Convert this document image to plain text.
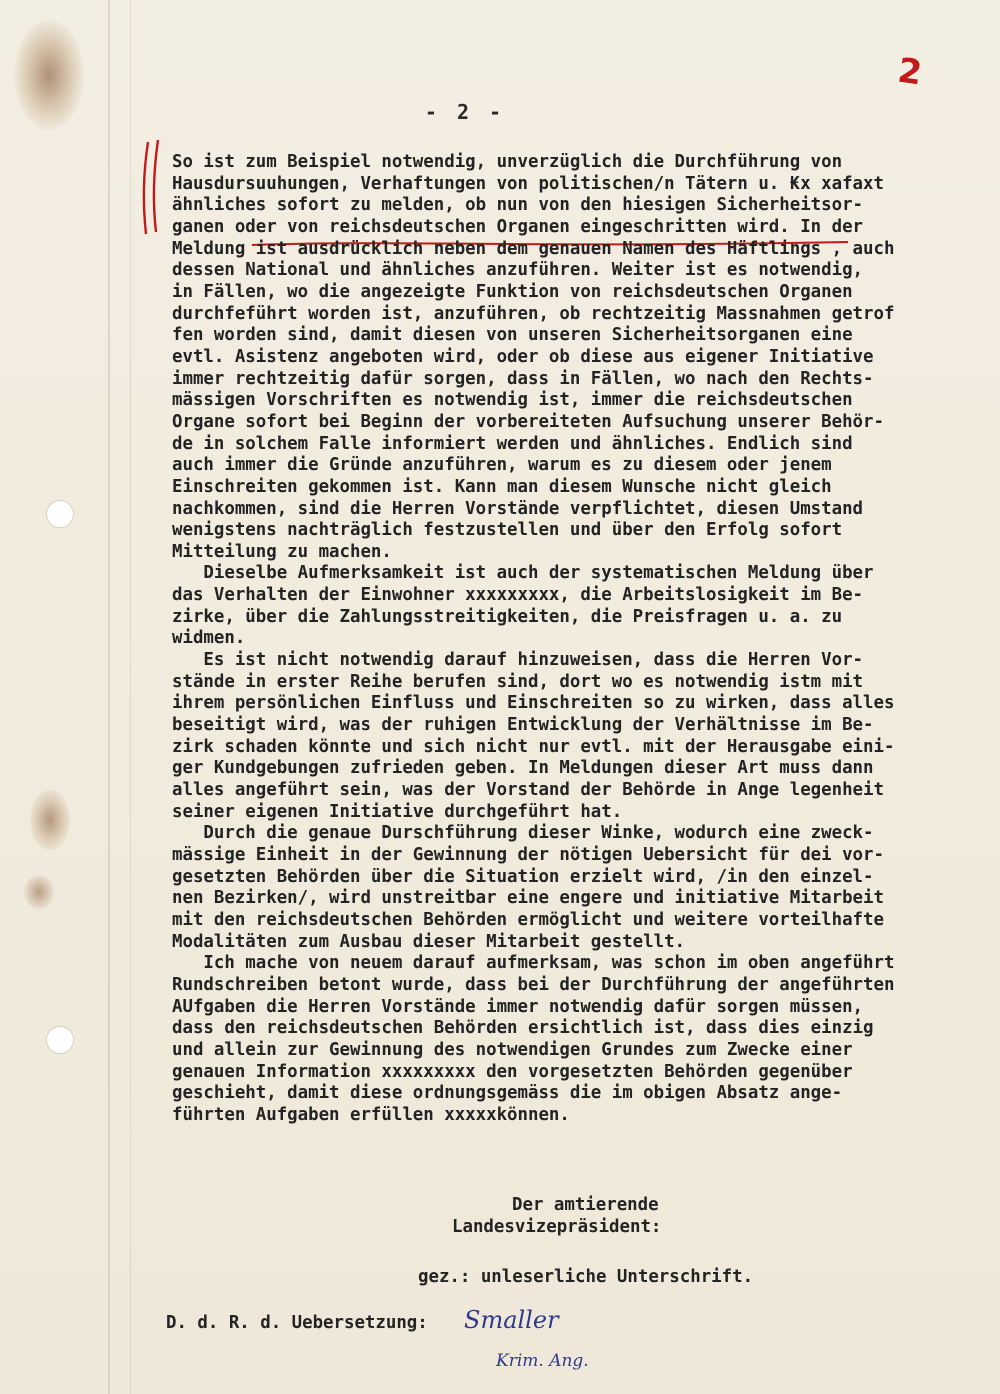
2
- 2 -
So ist zum Beispiel notwendig, unverzüglich die Durchführung von
Hausdursuuhungen, Verhaftungen von politischen/n Tätern u. ₭x xafaxt
ähnliches sofort zu melden, ob nun von den hiesigen Sicherheitsor-
ganen oder von reichsdeutschen Organen eingeschritten wird. In der
Meldung ist ausdrücklich neben dem genauen Namen des Häftlings , auch
dessen National und ähnliches anzuführen. Weiter ist es notwendig,
in Fällen, wo die angezeigte Funktion von reichsdeutschen Organen
durchfeführt worden ist, anzuführen, ob rechtzeitig Massnahmen getrof
fen worden sind, damit diesen von unseren Sicherheitsorganen eine
evtl. Asistenz angeboten wird, oder ob diese aus eigener Initiative
immer rechtzeitig dafür sorgen, dass in Fällen, wo nach den Rechts-
mässigen Vorschriften es notwendig ist, immer die reichsdeutschen
Organe sofort bei Beginn der vorbereiteten Aufsuchung unserer Behör-
de in solchem Falle informiert werden und ähnliches. Endlich sind
auch immer die Gründe anzuführen, warum es zu diesem oder jenem
Einschreiten gekommen ist. Kann man diesem Wunsche nicht gleich
nachkommen, sind die Herren Vorstände verpflichtet, diesen Umstand
wenigstens nachträglich festzustellen und über den Erfolg sofort
Mitteilung zu machen.
Dieselbe Aufmerksamkeit ist auch der systematischen Meldung über
das Verhalten der Einwohner xxxxxxxxx, die Arbeitslosigkeit im Be-
zirke, über die Zahlungsstreitigkeiten, die Preisfragen u. a. zu
widmen.
Es ist nicht notwendig darauf hinzuweisen, dass die Herren Vor-
stände in erster Reihe berufen sind, dort wo es notwendig istm mit
ihrem persönlichen Einfluss und Einschreiten so zu wirken, dass alles
beseitigt wird, was der ruhigen Entwicklung der Verhältnisse im Be-
zirk schaden könnte und sich nicht nur evtl. mit der Herausgabe eini-
ger Kundgebungen zufrieden geben. In Meldungen dieser Art muss dann
alles angeführt sein, was der Vorstand der Behörde in Ange legenheit
seiner eigenen Initiative durchgeführt hat.
Durch die genaue Durschführung dieser Winke, wodurch eine zweck-
mässige Einheit in der Gewinnung der nötigen Uebersicht für dei vor-
gesetzten Behörden über die Situation erzielt wird, /in den einzel-
nen Bezirken/, wird unstreitbar eine engere und initiative Mitarbeit
mit den reichsdeutschen Behörden ermöglicht und weitere vorteilhafte
Modalitäten zum Ausbau dieser Mitarbeit gestellt.
Ich mache von neuem darauf aufmerksam, was schon im oben angeführt
Rundschreiben betont wurde, dass bei der Durchführung der angeführten
AUfgaben die Herren Vorstände immer notwendig dafür sorgen müssen,
dass den reichsdeutschen Behörden ersichtlich ist, dass dies einzig
und allein zur Gewinnung des notwendigen Grundes zum Zwecke einer
genauen Information xxxxxxxxx den vorgesetzten Behörden gegenüber
geschieht, damit diese ordnungsgemäss die im obigen Absatz ange-
führten Aufgaben erfüllen xxxxxkönnen.
Der amtierende
Landesvizepräsident:
gez.: unleserliche Unterschrift.
D. d. R. d. Uebersetzung: Smaller
Krim. Ang.
